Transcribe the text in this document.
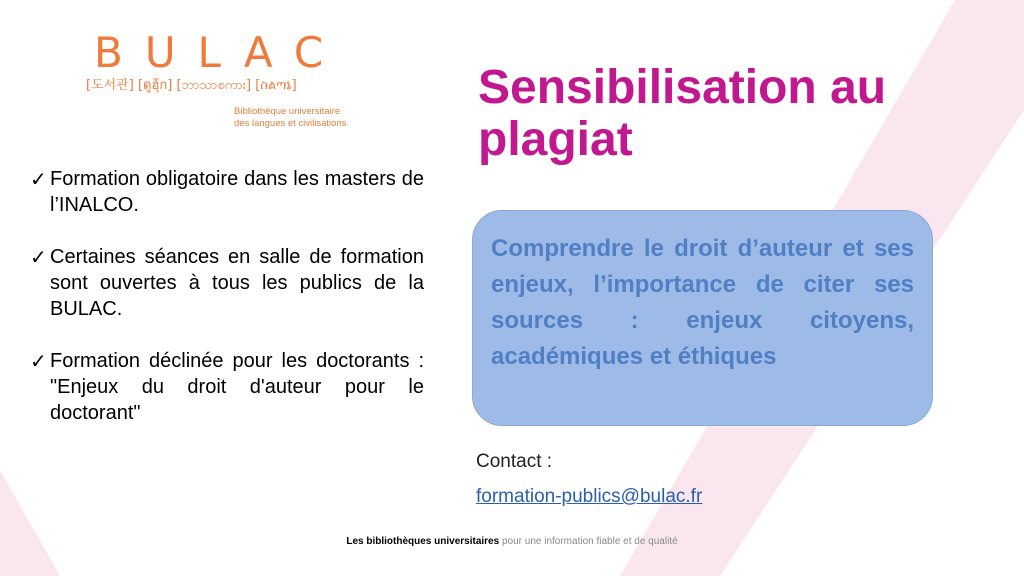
BULAC
[도서관] [ดูฮุ้ก] [ဘာသာစကား] [ስልጣኔ]
Bibliothèque universitaire
des langues et civilisations
Sensibilisation au
plagiat
✓ Formation obligatoire dans les masters de l’INALCO.
✓ Certaines séances en salle de formation sont ouvertes à tous les publics de la BULAC.
✓ Formation déclinée pour les doctorants : "Enjeux du droit d'auteur pour le doctorant"

Comprendre le droit d’auteur et ses enjeux, l’importance de citer ses sources : enjeux citoyens, académiques et éthiques

Contact :
formation-publics@bulac.fr
Les bibliothèques universitaires pour une information fiable et de qualité
